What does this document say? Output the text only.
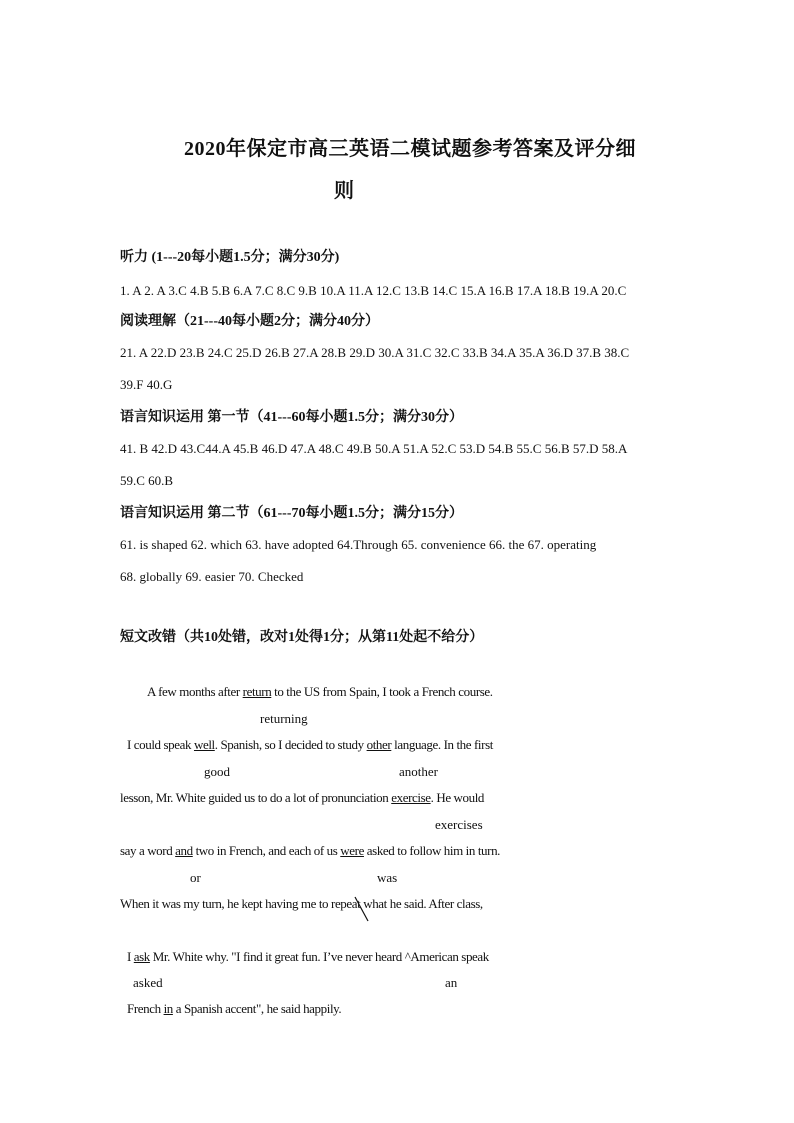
2020年保定市高三英语二模试题参考答案及评分细
则
听力 (1---20每小题1.5分；满分30分)
1. A 2. A 3.C 4.B 5.B 6.A 7.C 8.C 9.B 10.A 11.A 12.C 13.B 14.C 15.A 16.B 17.A 18.B 19.A 20.C
阅读理解（21---40每小题2分；满分40分）
21. A 22.D 23.B 24.C 25.D 26.B 27.A 28.B 29.D 30.A 31.C 32.C 33.B 34.A 35.A 36.D 37.B 38.C
39.F 40.G
语言知识运用 第一节（41---60每小题1.5分；满分30分）
41. B 42.D 43.C44.A 45.B 46.D 47.A 48.C 49.B 50.A 51.A 52.C 53.D 54.B 55.C 56.B 57.D 58.A
59.C 60.B
语言知识运用 第二节（61---70每小题1.5分；满分15分）
61. is shaped 62. which 63. have adopted 64.Through 65. convenience 66. the 67. operating
68. globally 69. easier 70. Checked
短文改错（共10处错，改对1处得1分；从第11处起不给分）
A few months after return to the US from Spain, I took a French course.
returning
I could speak well. Spanish, so I decided to study other language. In the first
good	another
lesson, Mr. White guided us to do a lot of pronunciation exercise. He would
exercises
say a word and two in French, and each of us were asked to follow him in turn.
or	was
When it was my turn, he kept having me to repeat what he said. After class,
I ask Mr. White why. "I find it great fun. I’ve never heard ^American speak
asked	an
French in a Spanish accent", he said happily.
